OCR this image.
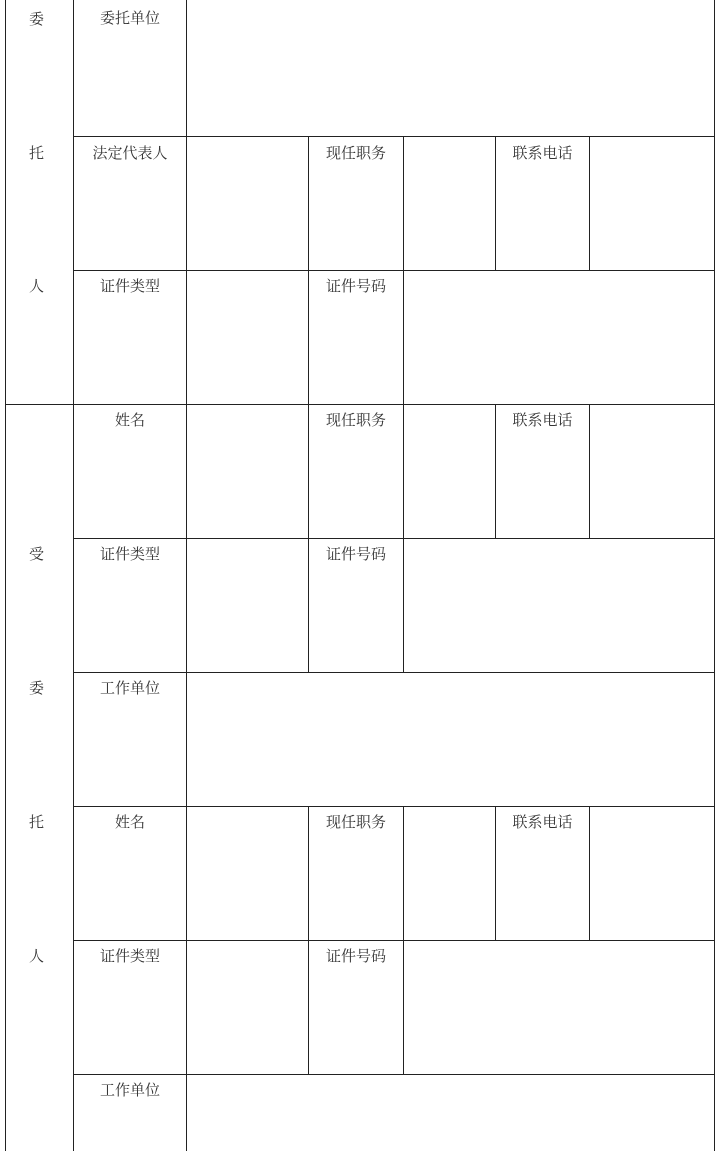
委
托
人
受
委
托
人
委托单位
法定代表人	现任职务	联系电话
证件类型	证件号码
姓名	现任职务	联系电话
证件类型	证件号码
工作单位
姓名	现任职务	联系电话
证件类型	证件号码
工作单位
